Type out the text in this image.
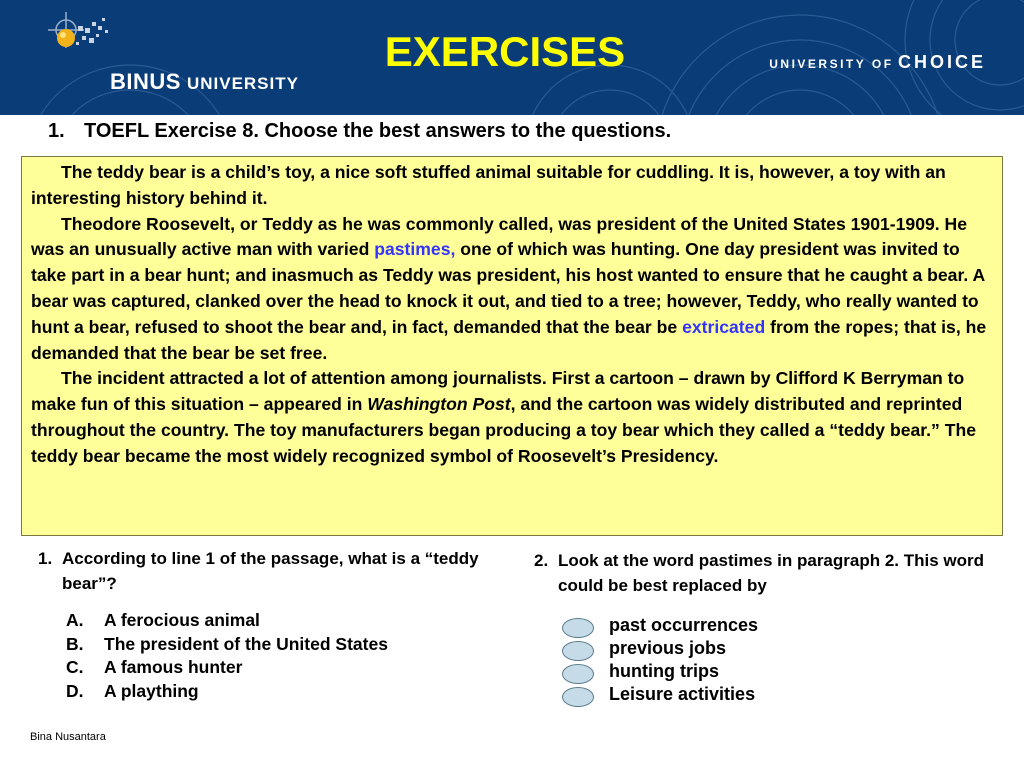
BINUS UNIVERSITY
EXERCISES	UNIVERSITY OF CHOICE
1. TOEFL Exercise 8. Choose the best answers to the questions.

The teddy bear is a child’s toy, a nice soft stuffed animal suitable for cuddling. It is, however, a toy with an interesting history behind it.

Theodore Roosevelt, or Teddy as he was commonly called, was president of the United States 1901-1909. He was an unusually active man with varied pastimes, one of which was hunting. One day president was invited to take part in a bear hunt; and inasmuch as Teddy was president, his host wanted to ensure that he caught a bear. A bear was captured, clanked over the head to knock it out, and tied to a tree; however, Teddy, who really wanted to hunt a bear, refused to shoot the bear and, in fact, demanded that the bear be extricated from the ropes; that is, he demanded that the bear be set free.

The incident attracted a lot of attention among journalists. First a cartoon – drawn by Clifford K Berryman to make fun of this situation – appeared in Washington Post, and the cartoon was widely distributed and reprinted throughout the country. The toy manufacturers began producing a toy bear which they called a “teddy bear.” The teddy bear became the most widely recognized symbol of Roosevelt’s Presidency.

1. According to line 1 of the passage, what is a “teddy bear”?
A. A ferocious animal
B. The president of the United States
C. A famous hunter
D. A plaything
2. Look at the word pastimes in paragraph 2. This word could be best replaced by
past occurrences
previous jobs
hunting trips
Leisure activities
Bina Nusantara
